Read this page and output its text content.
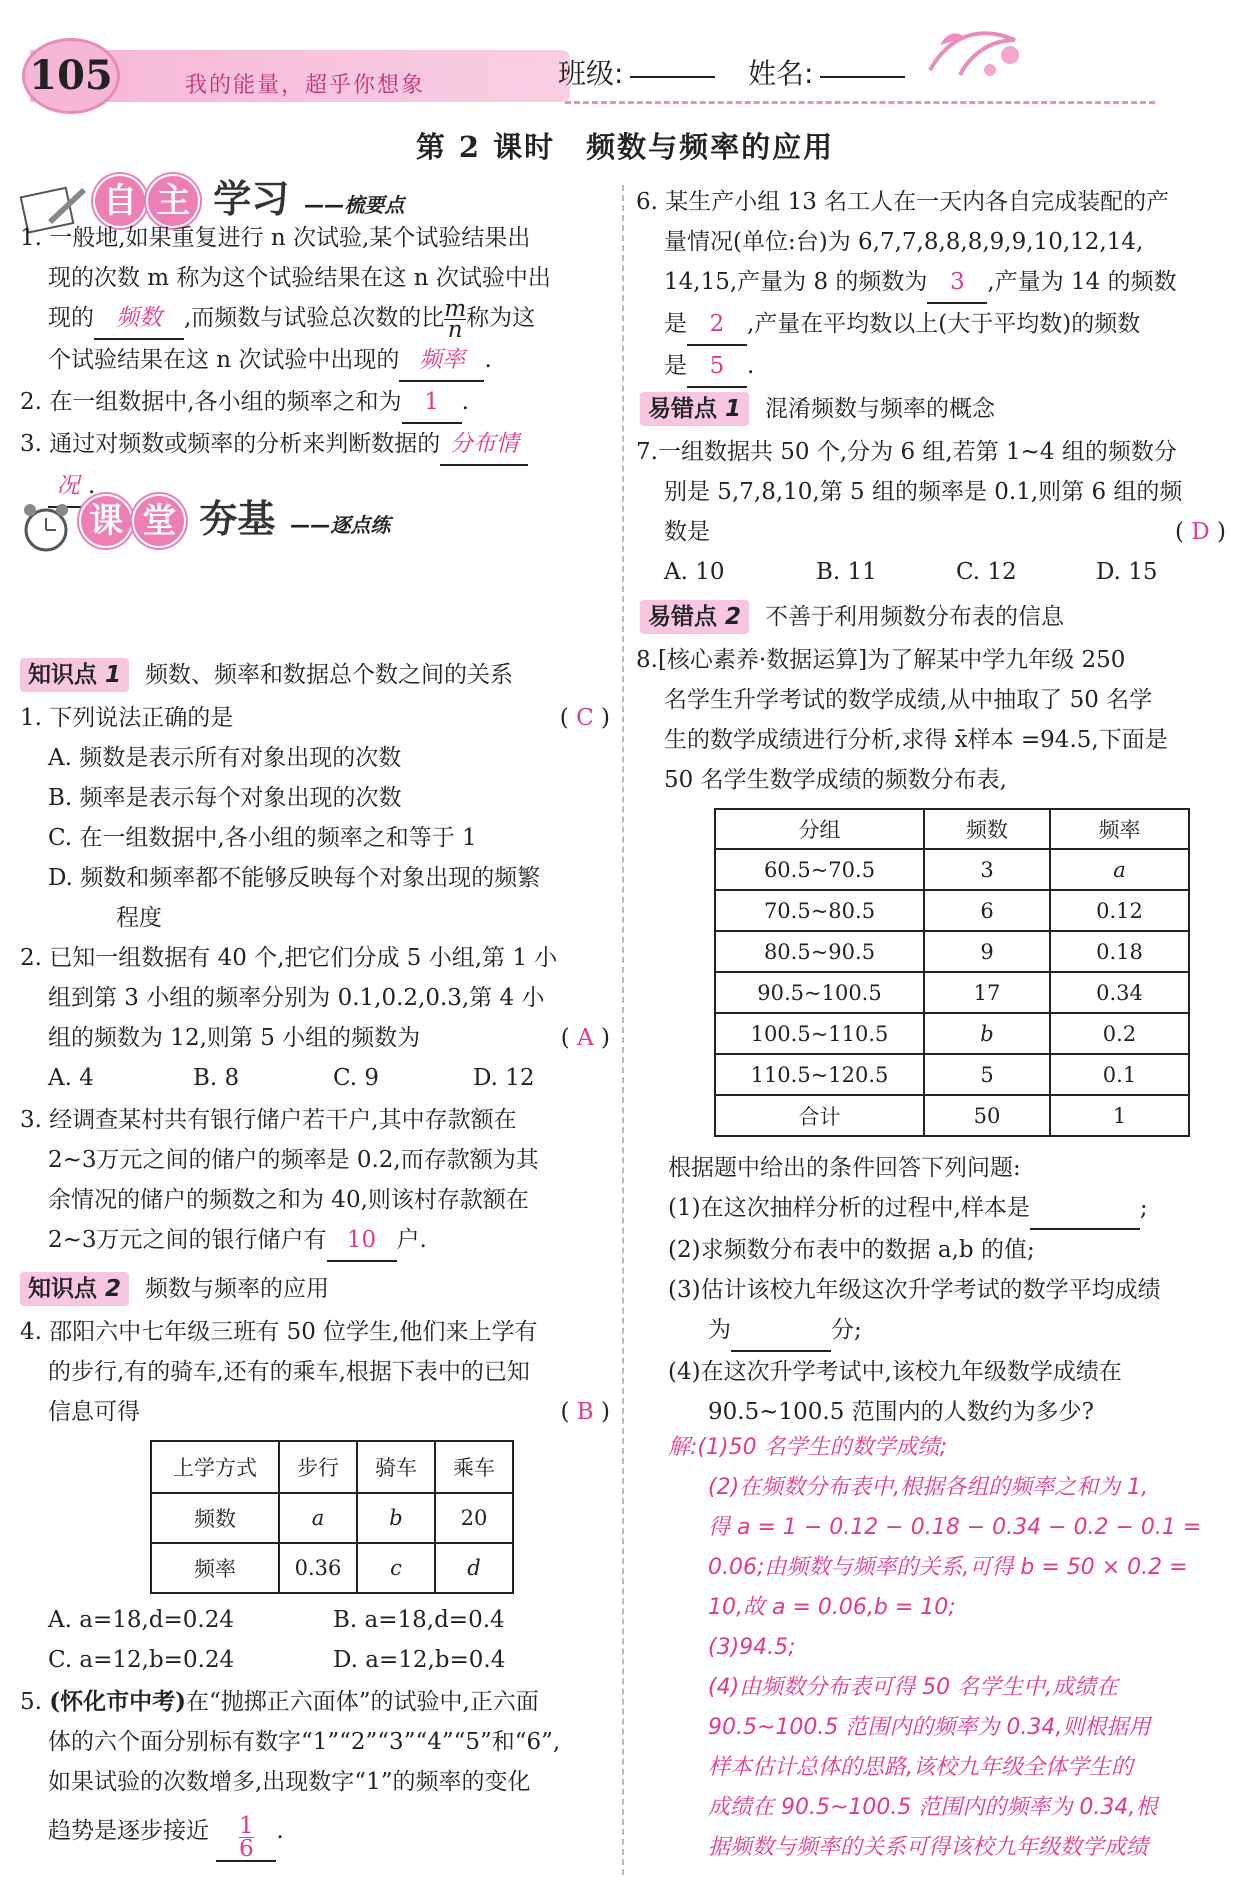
105	我的能量，超乎你想象	班级:	姓名:
第 2 课时　频数与频率的应用
自 主 学习 ——梳要点
1. 一般地,如果重复进行 n 次试验,某个试验结果出
现的次数 m 称为这个试验结果在这 n 次试验中出
现的 频数 ,而频数与试验总次数的比 $\frac{m}{n}$ 称为这
个试验结果在这 n 次试验中出现的 频率 .
2. 在一组数据中,各小组的频率之和为 1 .
3. 通过对频数或频率的分析来判断数据的 分布情
况 .
课 堂 夯基 ——逐点练
知识点 1 频数、频率和数据总个数之间的关系
1. 下列说法正确的是	( C )
A. 频数是表示所有对象出现的次数
B. 频率是表示每个对象出现的次数
C. 在一组数据中,各小组的频率之和等于 1
D. 频数和频率都不能够反映每个对象出现的频繁
程度
2. 已知一组数据有 40 个,把它们分成 5 小组,第 1 小
组到第 3 小组的频率分别为 0.1,0.2,0.3,第 4 小
组的频数为 12,则第 5 小组的频数为	( A )
A. 4	B. 8	C. 9	D. 12
3. 经调查某村共有银行储户若干户,其中存款额在
2~3万元之间的储户的频率是 0.2,而存款额为其
余情况的储户的频数之和为 40,则该村存款额在
2~3万元之间的银行储户有 10 户.
知识点 2 频数与频率的应用
4. 邵阳六中七年级三班有 50 位学生,他们来上学有
的步行,有的骑车,还有的乘车,根据下表中的已知
信息可得	( B )
上学方式	步行	骑车	乘车
频数	a	b	20
频率	0.36	c	d
A. a=18,d=0.24	B. a=18,d=0.4
C. a=12,b=0.24	D. a=12,b=0.4
5. (怀化市中考)在“抛掷正六面体”的试验中,正六面
体的六个面分别标有数字“1”“2”“3”“4”“5”和“6”,
如果试验的次数增多,出现数字“1”的频率的变化
趋势是逐步接近 $\frac{1}{6}$ .
6. 某生产小组 13 名工人在一天内各自完成装配的产
量情况(单位:台)为 6,7,7,8,8,8,9,9,10,12,14,
14,15,产量为 8 的频数为 3 ,产量为 14 的频数
是 2 ,产量在平均数以上(大于平均数)的频数
是 5 .
易错点 1 混淆频数与频率的概念
7.一组数据共 50 个,分为 6 组,若第 1~4 组的频数分
别是 5,7,8,10,第 5 组的频率是 0.1,则第 6 组的频
数是	( D )
A. 10	B. 11	C. 12	D. 15
易错点 2 不善于利用频数分布表的信息
8.[核心素养·数据运算]为了解某中学九年级 250
名学生升学考试的数学成绩,从中抽取了 50 名学
生的数学成绩进行分析,求得 x̄样本 =94.5,下面是
50 名学生数学成绩的频数分布表,
分组	频数	频率
60.5~70.5	3	a
70.5~80.5	6	0.12
80.5~90.5	9	0.18
90.5~100.5	17	0.34
100.5~110.5	b	0.2
110.5~120.5	5	0.1
合计	50	1
根据题中给出的条件回答下列问题:
(1)在这次抽样分析的过程中,样本是	;
(2)求频数分布表中的数据 a,b 的值;
(3)估计该校九年级这次升学考试的数学平均成绩
为	分;
(4)在这次升学考试中,该校九年级数学成绩在
90.5~100.5 范围内的人数约为多少?
解:(1)50 名学生的数学成绩;
(2)在频数分布表中,根据各组的频率之和为 1,
得 a = 1 − 0.12 − 0.18 − 0.34 − 0.2 − 0.1 =
0.06;由频数与频率的关系,可得 b = 50 × 0.2 =
10,故 a = 0.06,b = 10;
(3)94.5;
(4)由频数分布表可得 50 名学生中,成绩在
90.5~100.5 范围内的频率为 0.34,则根据用
样本估计总体的思路,该校九年级全体学生的
成绩在 90.5~100.5 范围内的频率为 0.34,根
据频数与频率的关系可得该校九年级数学成绩
